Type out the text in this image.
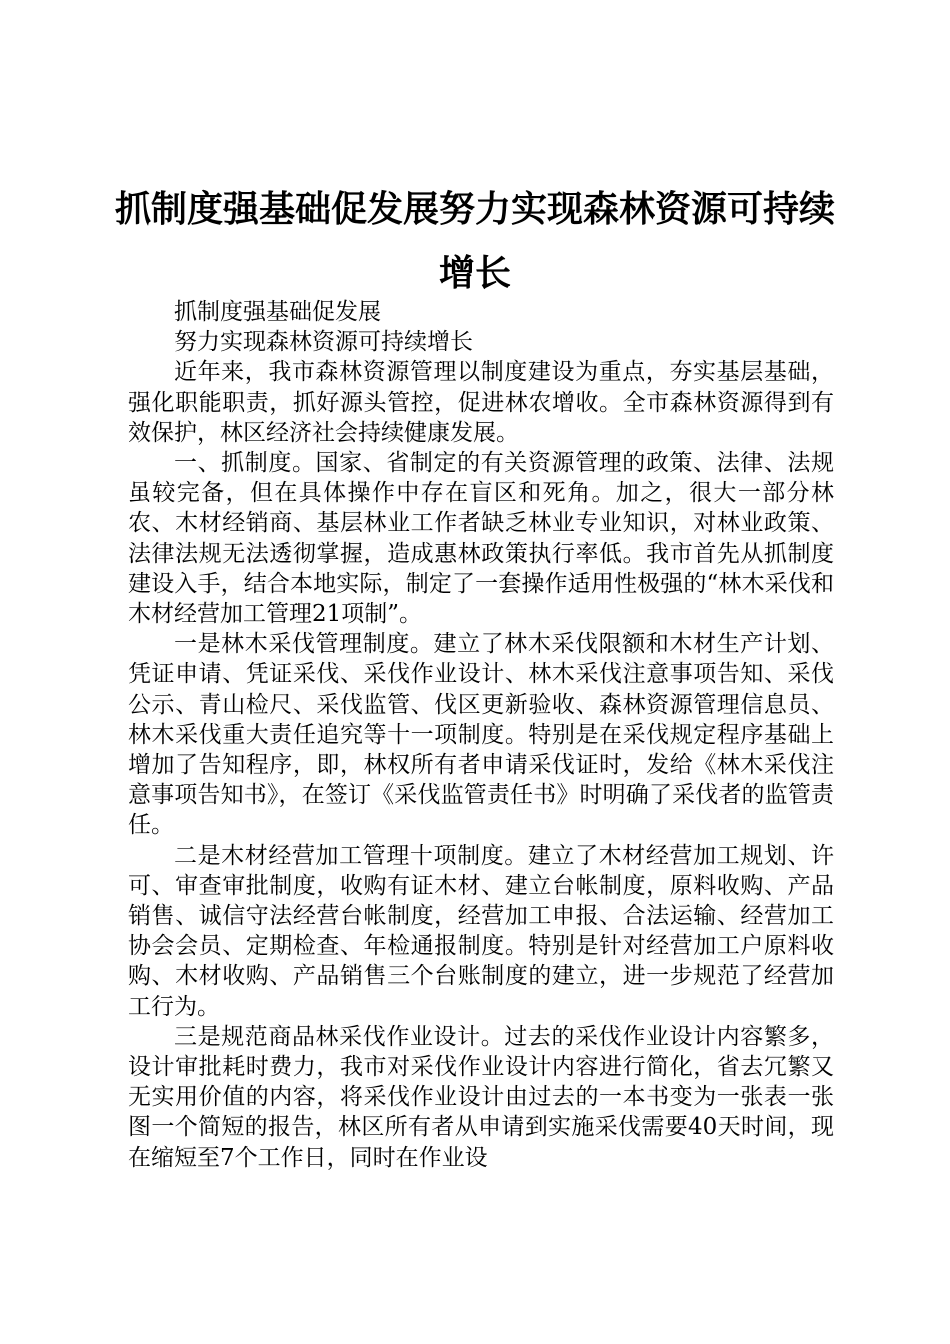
抓制度强基础促发展努力实现森林资源可持续增长

抓制度强基础促发展

努力实现森林资源可持续增长

近年来，我市森林资源管理以制度建设为重点，夯实基层基础，强化职能职责，抓好源头管控，促进林农增收。全市森林资源得到有效保护，林区经济社会持续健康发展。

一、抓制度。国家、省制定的有关资源管理的政策、法律、法规虽较完备，但在具体操作中存在盲区和死角。加之，很大一部分林农、木材经销商、基层林业工作者缺乏林业专业知识，对林业政策、法律法规无法透彻掌握，造成惠林政策执行率低。我市首先从抓制度建设入手，结合本地实际，制定了一套操作适用性极强的“林木采伐和木材经营加工管理21项制”。

一是林木采伐管理制度。建立了林木采伐限额和木材生产计划、凭证申请、凭证采伐、采伐作业设计、林木采伐注意事项告知、采伐公示、青山检尺、采伐监管、伐区更新验收、森林资源管理信息员、林木采伐重大责任追究等十一项制度。特别是在采伐规定程序基础上增加了告知程序，即，林权所有者申请采伐证时，发给《林木采伐注意事项告知书》，在签订《采伐监管责任书》时明确了采伐者的监管责任。

二是木材经营加工管理十项制度。建立了木材经营加工规划、许可、审查审批制度，收购有证木材、建立台帐制度，原料收购、产品销售、诚信守法经营台帐制度，经营加工申报、合法运输、经营加工协会会员、定期检查、年检通报制度。特别是针对经营加工户原料收购、木材收购、产品销售三个台账制度的建立，进一步规范了经营加工行为。

三是规范商品林采伐作业设计。过去的采伐作业设计内容繁多，设计审批耗时费力，我市对采伐作业设计内容进行简化，省去冗繁又无实用价值的内容，将采伐作业设计由过去的一本书变为一张表一张图一个简短的报告，林区所有者从申请到实施采伐需要40天时间，现在缩短至7个工作日，同时在作业设
